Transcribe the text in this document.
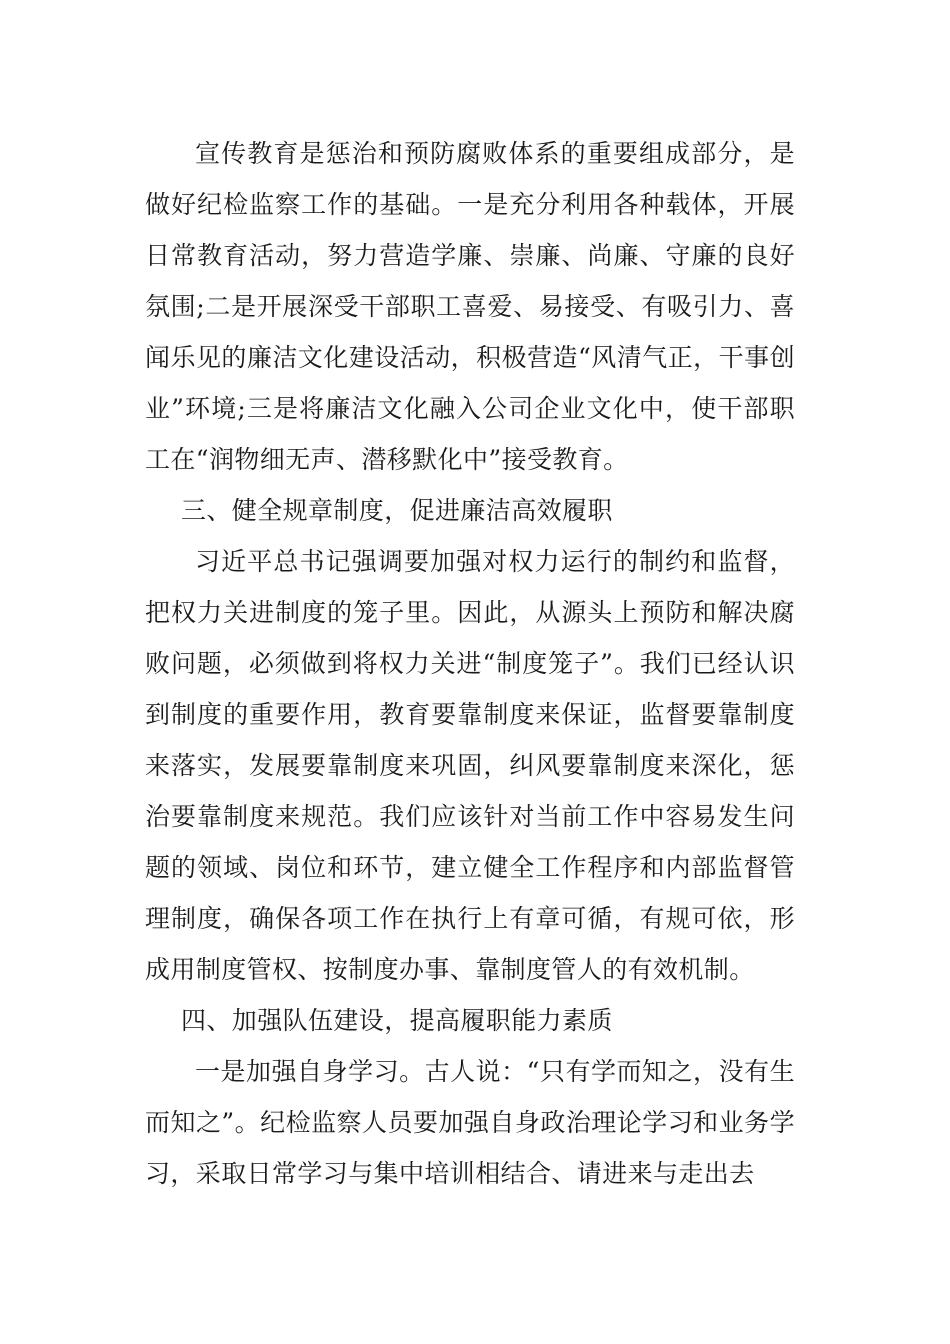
宣传教育是惩治和预防腐败体系的重要组成部分，是做好纪检监察工作的基础。一是充分利用各种载体，开展日常教育活动，努力营造学廉、崇廉、尚廉、守廉的良好氛围;二是开展深受干部职工喜爱、易接受、有吸引力、喜闻乐见的廉洁文化建设活动，积极营造“风清气正，干事创业”环境;三是将廉洁文化融入公司企业文化中，使干部职工在“润物细无声、潜移默化中”接受教育。

三、健全规章制度，促进廉洁高效履职

习近平总书记强调要加强对权力运行的制约和监督，把权力关进制度的笼子里。因此，从源头上预防和解决腐败问题，必须做到将权力关进“制度笼子”。我们已经认识到制度的重要作用，教育要靠制度来保证，监督要靠制度来落实，发展要靠制度来巩固，纠风要靠制度来深化，惩治要靠制度来规范。我们应该针对当前工作中容易发生问题的领域、岗位和环节，建立健全工作程序和内部监督管理制度，确保各项工作在执行上有章可循，有规可依，形成用制度管权、按制度办事、靠制度管人的有效机制。

四、加强队伍建设，提高履职能力素质

一是加强自身学习。古人说：“只有学而知之，没有生而知之”。纪检监察人员要加强自身政治理论学习和业务学习，采取日常学习与集中培训相结合、请进来与走出去
